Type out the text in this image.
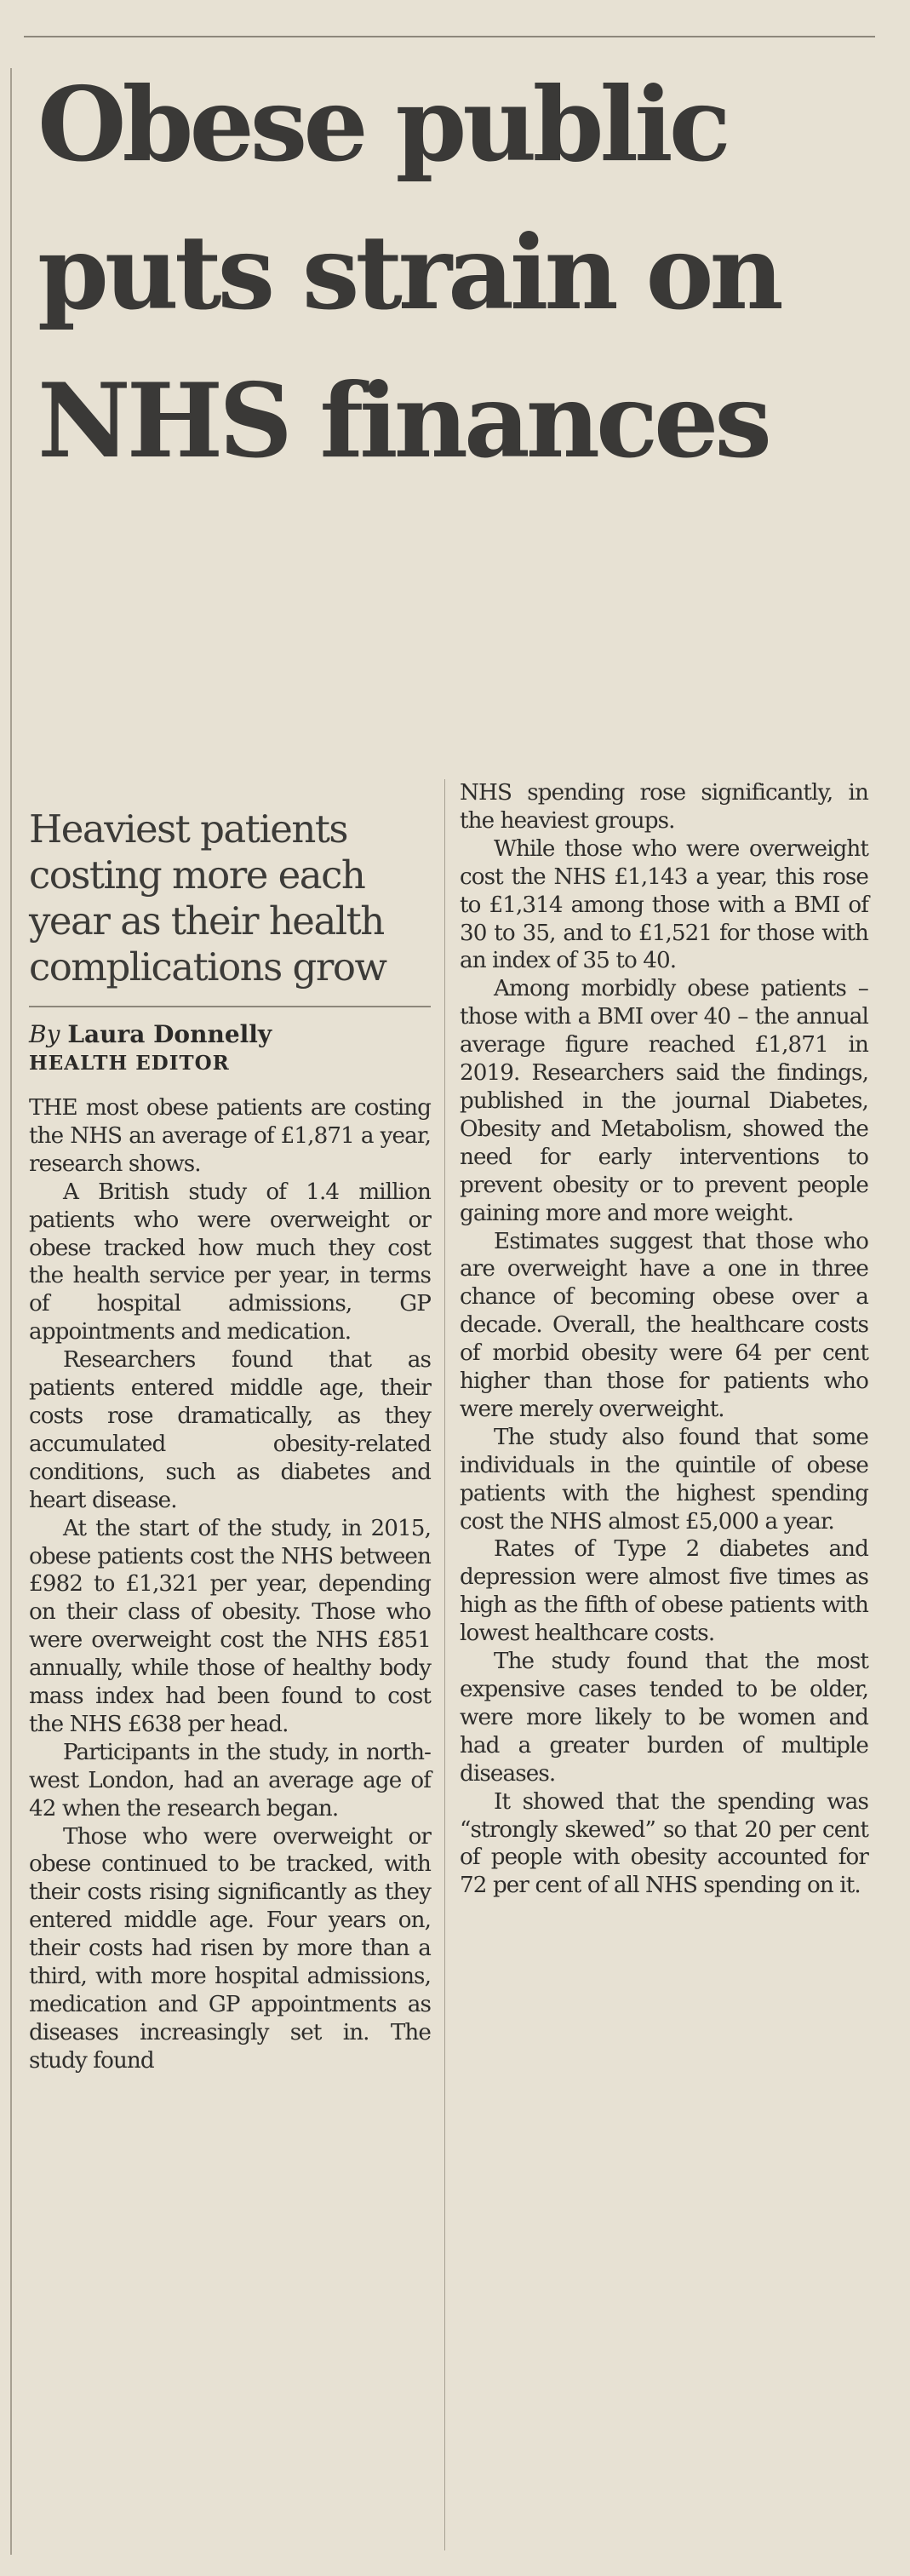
Obese public puts strain on NHS finances
Heaviest patients costing more each year as their health complications grow
By Laura Donnelly
HEALTH EDITOR

THE most obese patients are costing the NHS an average of £1,871 a year, research shows.

A British study of 1.4 million patients who were overweight or obese tracked how much they cost the health service per year, in terms of hospital admissions, GP appointments and medication.

Researchers found that as patients entered middle age, their costs rose dramatically, as they accumulated obesity-related conditions, such as diabetes and heart disease.

At the start of the study, in 2015, obese patients cost the NHS between £982 to £1,321 per year, depending on their class of obesity. Those who were overweight cost the NHS £851 annually, while those of healthy body mass index had been found to cost the NHS £638 per head.

Participants in the study, in north-west London, had an average age of 42 when the research began.

Those who were overweight or obese continued to be tracked, with their costs rising significantly as they entered middle age. Four years on, their costs had risen by more than a third, with more hospital admissions, medication and GP appointments as diseases increasingly set in. The study found

NHS spending rose significantly, in the heaviest groups.

While those who were overweight cost the NHS £1,143 a year, this rose to £1,314 among those with a BMI of 30 to 35, and to £1,521 for those with an index of 35 to 40.

Among morbidly obese patients – those with a BMI over 40 – the annual average figure reached £1,871 in 2019. Researchers said the findings, published in the journal Diabetes, Obesity and Metabolism, showed the need for early interventions to prevent obesity or to prevent people gaining more and more weight.

Estimates suggest that those who are overweight have a one in three chance of becoming obese over a decade. Overall, the healthcare costs of morbid obesity were 64 per cent higher than those for patients who were merely overweight.

The study also found that some individuals in the quintile of obese patients with the highest spending cost the NHS almost £5,000 a year.

Rates of Type 2 diabetes and depression were almost five times as high as the fifth of obese patients with lowest healthcare costs.

The study found that the most expensive cases tended to be older, were more likely to be women and had a greater burden of multiple diseases.

It showed that the spending was “strongly skewed” so that 20 per cent of people with obesity accounted for 72 per cent of all NHS spending on it.
